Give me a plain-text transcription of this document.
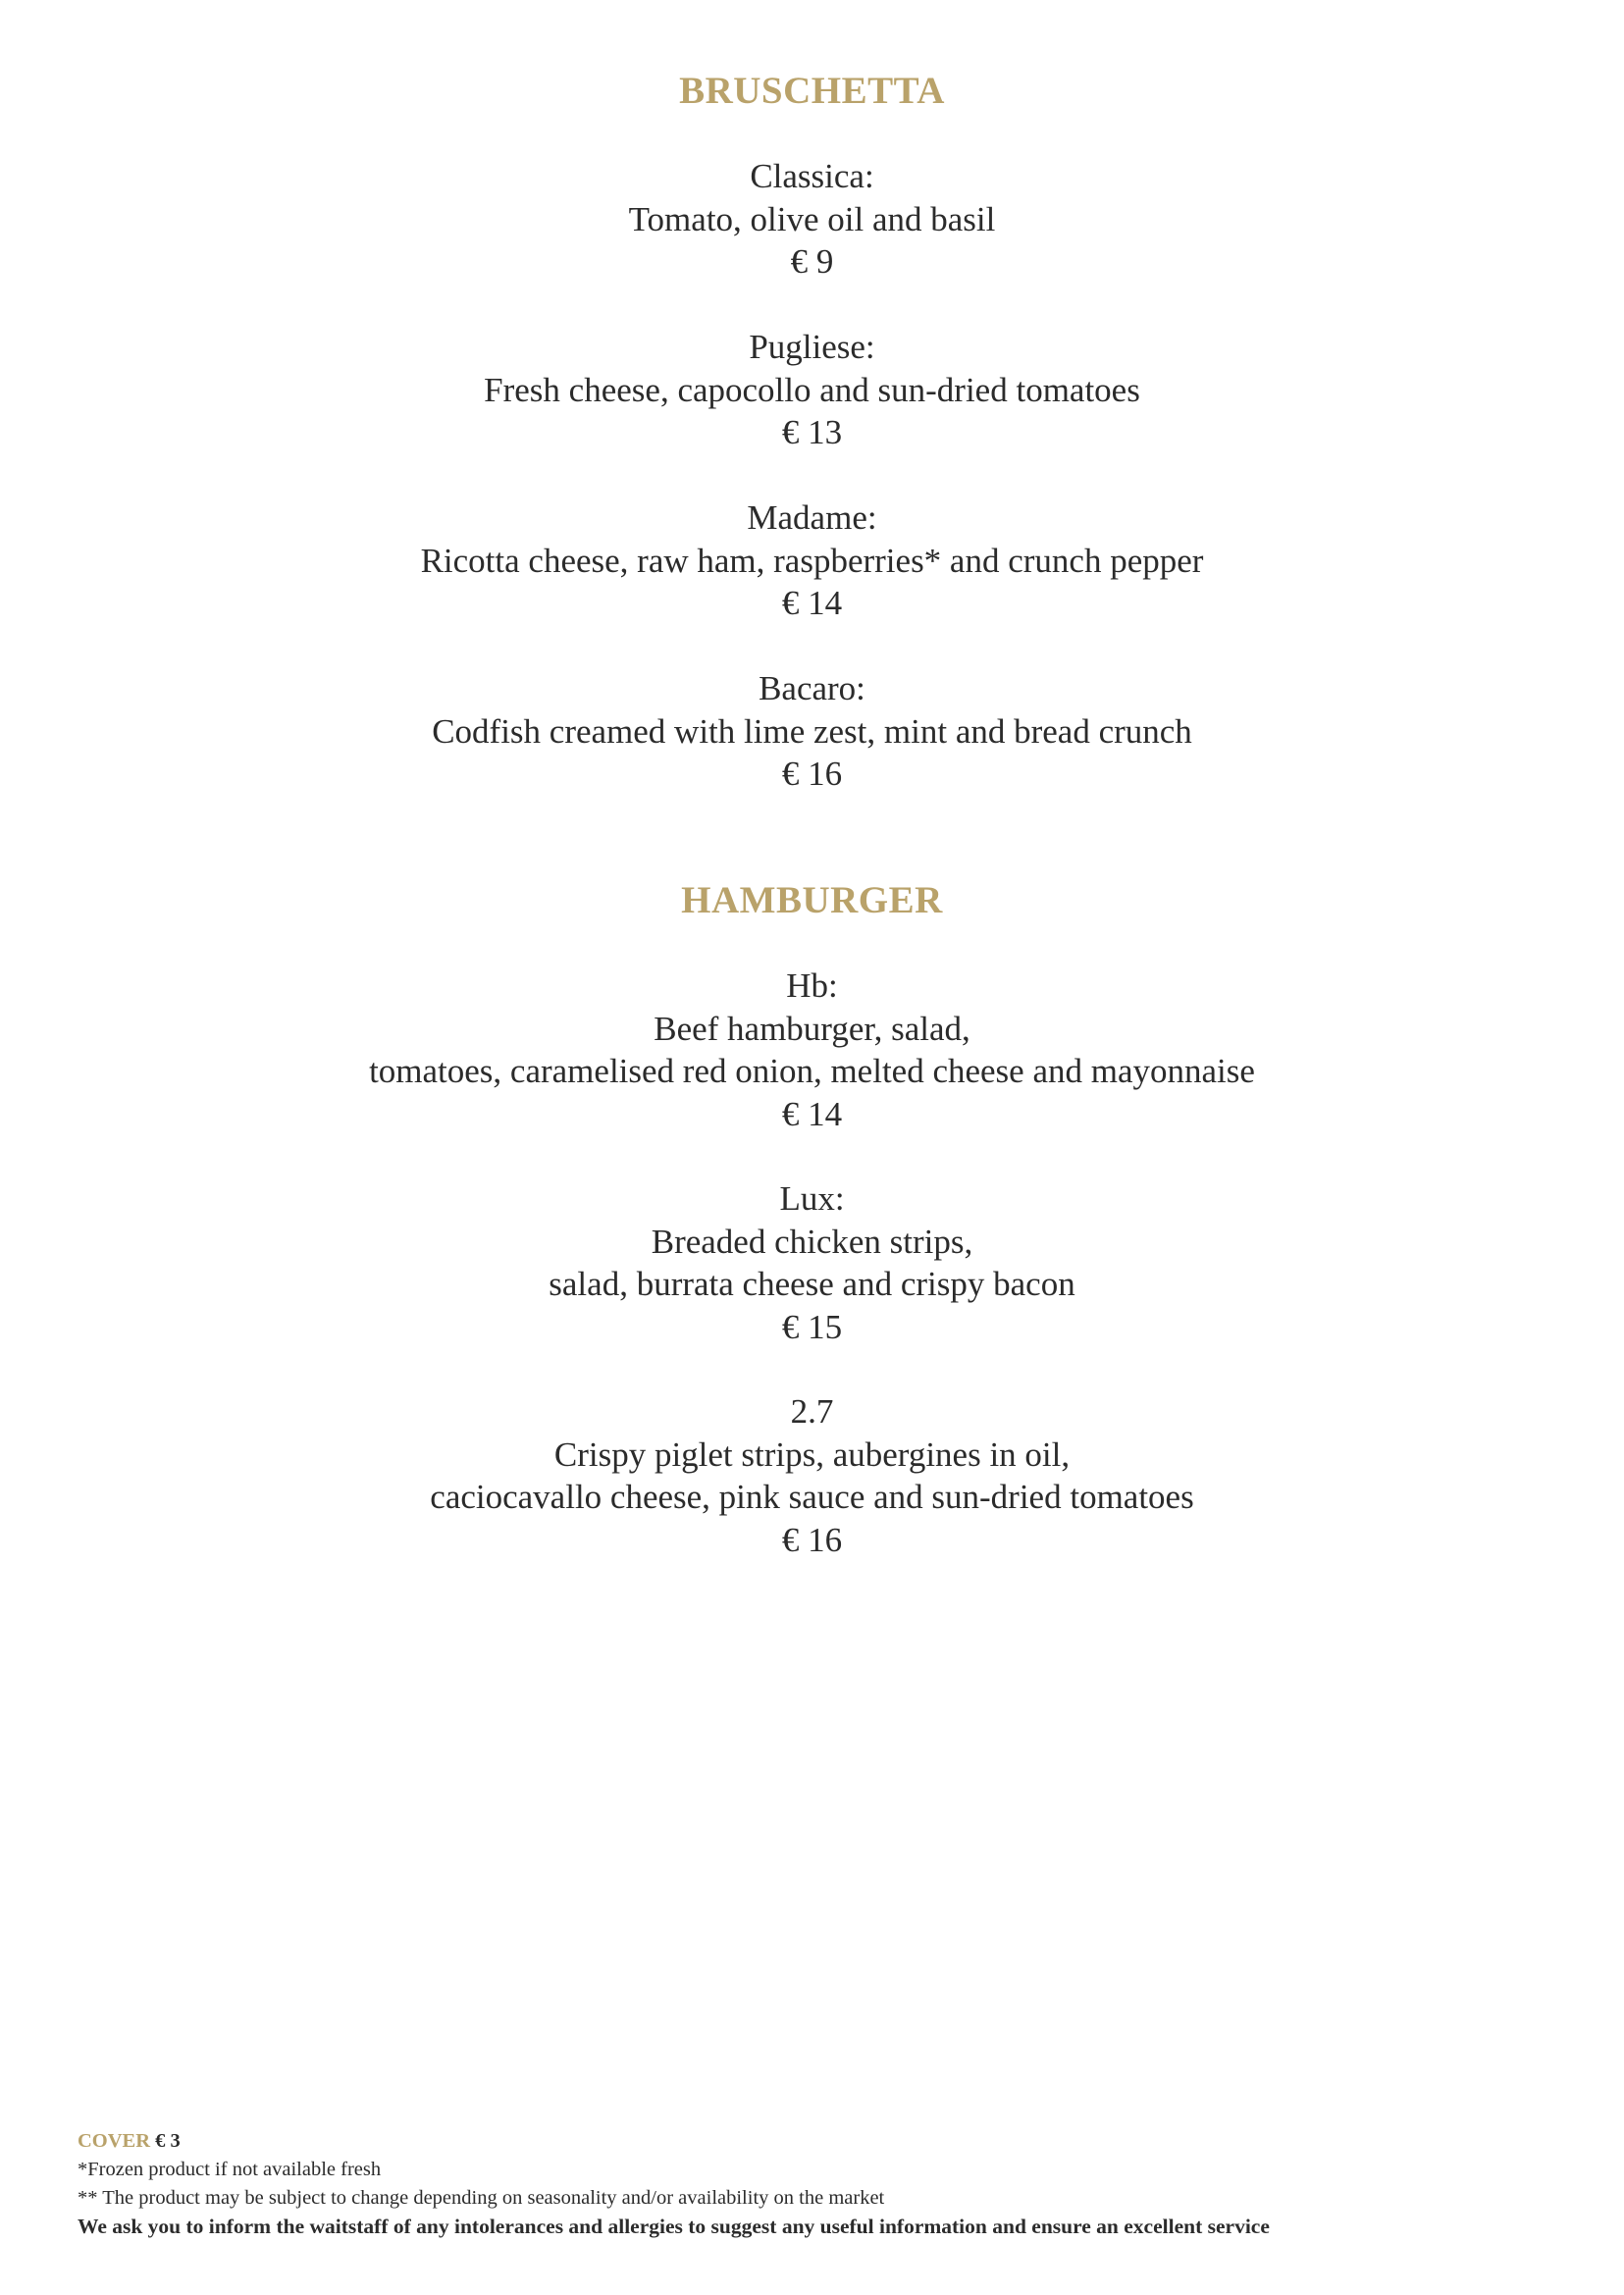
BRUSCHETTA
Classica:
Tomato, olive oil and basil
€ 9
Pugliese:
Fresh cheese, capocollo and sun-dried tomatoes
€ 13
Madame:
Ricotta cheese, raw ham, raspberries* and crunch pepper
€ 14
Bacaro:
Codfish creamed with lime zest, mint and bread crunch
€ 16
HAMBURGER
Hb:
Beef hamburger, salad,
tomatoes, caramelised red onion, melted cheese and mayonnaise
€ 14
Lux:
Breaded chicken strips,
salad, burrata cheese and crispy bacon
€ 15
2.7
Crispy piglet strips, aubergines in oil,
caciocavallo cheese, pink sauce and sun-dried tomatoes
€ 16
COVER € 3
*Frozen product if not available fresh
** The product may be subject to change depending on seasonality and/or availability on the market
We ask you to inform the waitstaff of any intolerances and allergies to suggest any useful information and ensure an excellent service
